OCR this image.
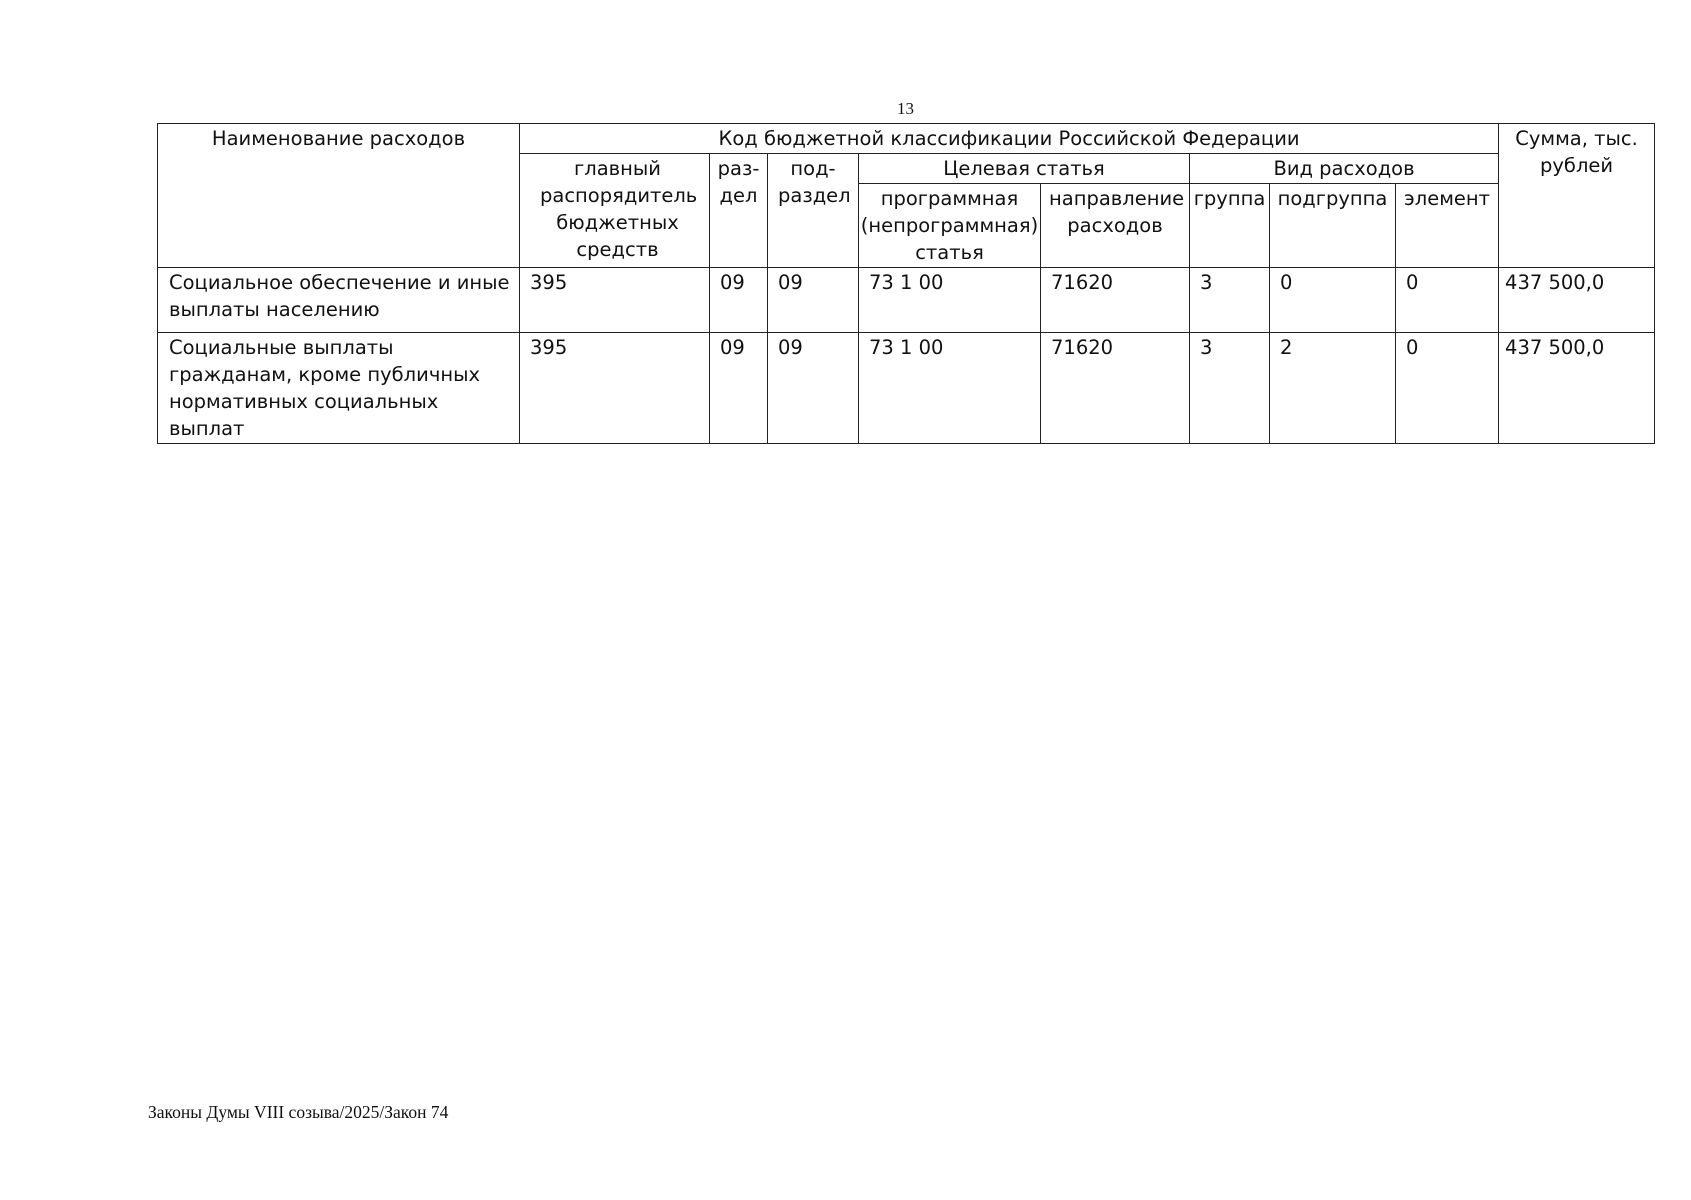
13
Наименование расходов	Код бюджетной классификации Российской Федерации								Сумма, тыс. рублей
	главный распорядитель бюджетных средств	раз- дел	под- раздел	Целевая статья		Вид расходов			
				программная (непрограммная) статья	направление расходов	группа	подгруппа	элемент	
Социальное обеспечение и иные выплаты населению	395	09	09	73 1 00	71620	3	0	0	437 500,0
Социальные выплаты гражданам, кроме публичных нормативных социальных выплат	395	09	09	73 1 00	71620	3	2	0	437 500,0
Законы Думы VIII созыва/2025/Закон 74
